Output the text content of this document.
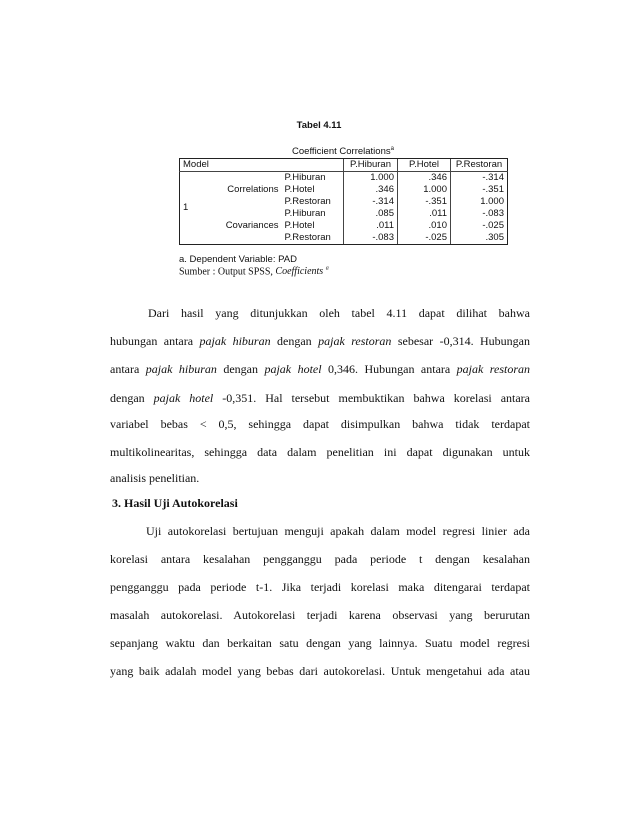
Tabel 4.11
Coefficient Correlations$^a$
Model			P.Hiburan	P.Hotel	P.Restoran
1	Correlations	P.Hiburan	1.000	.346	-.314
		P.Hotel	.346	1.000	-.351
		P.Restoran	-.314	-.351	1.000
	Covariances	P.Hiburan	.085	.011	-.083
		P.Hotel	.011	.010	-.025
		P.Restoran	-.083	-.025	.305
a. Dependent Variable: PAD
Sumber : Output SPSS, Coefficients $^a$
Dari hasil yang ditunjukkan oleh tabel 4.11 dapat dilihat bahwa
hubungan antara pajak hiburan dengan pajak restoran sebesar -0,314. Hubungan
antara pajak hiburan dengan pajak hotel 0,346. Hubungan antara pajak restoran
dengan pajak hotel -0,351. Hal tersebut membuktikan bahwa korelasi antara
variabel bebas < 0,5, sehingga dapat disimpulkan bahwa tidak terdapat
multikolinearitas, sehingga data dalam penelitian ini dapat digunakan untuk
analisis penelitian.
3. Hasil Uji Autokorelasi
Uji autokorelasi bertujuan menguji apakah dalam model regresi linier ada
korelasi antara kesalahan pengganggu pada periode t dengan kesalahan
pengganggu pada periode t-1. Jika terjadi korelasi maka ditengarai terdapat
masalah autokorelasi. Autokorelasi terjadi karena observasi yang berurutan
sepanjang waktu dan berkaitan satu dengan yang lainnya. Suatu model regresi
yang baik adalah model yang bebas dari autokorelasi. Untuk mengetahui ada atau
